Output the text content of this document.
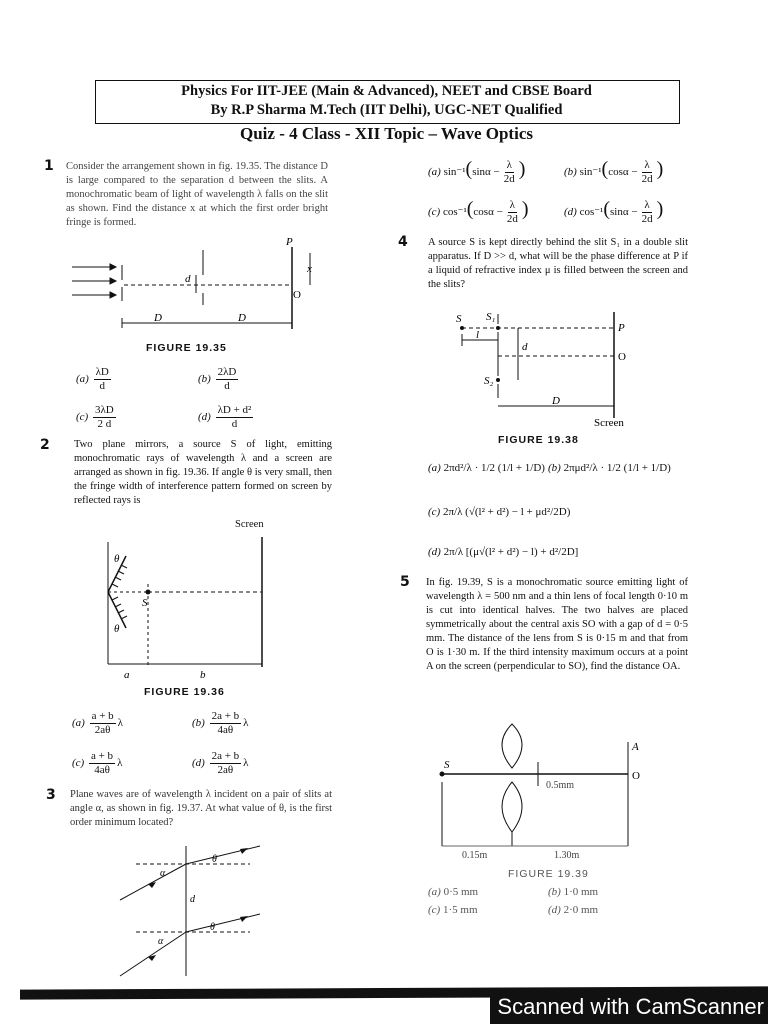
Physics For IIT-JEE (Main & Advanced), NEET and CBSE Board
By R.P Sharma M.Tech (IIT Delhi), UGC-NET Qualified
Quiz - 4 Class - XII Topic – Wave Optics
1 Consider the arrangement shown in fig. 19.35. The distance D is large compared to the separation d between the slits. A monochromatic beam of light of wavelength λ falls on the slit as shown. Find the distance x at which the first order bright fringe is formed.
P
O
d
x
D	D
FIGURE 19.35
$(a) \frac{\lambda D}{d}$	$(b) \frac{2\lambda D}{d}$
$(c) \frac{3\lambda D}{2 d}$	$(d) \frac{\text{λD + d²}}{d}$
2 Two plane mirrors, a source S of light, emitting monochromatic rays of wavelength λ and a screen are arranged as shown in fig. 19.36. If angle θ is very small, then the fringe width of interference pattern formed on screen by reflected rays is
Screen
S
θ
θ
a	b
FIGURE 19.36
$(a) \frac{a + b}{2a\theta}$ λ	$(b) \frac{2a + b}{4a\theta}$ λ
$(c) \frac{a + b}{4a\theta}$ λ	$(d) \frac{2a + b}{2a\theta}$ λ
3 Plane waves are of wavelength λ incident on a pair of slits at angle α, as shown in fig. 19.37. At what value of θ, is the first order minimum located?
α
θ
d
α
θ
(a) $\sin^{-1}(\sin\alpha - \frac{\lambda}{2d}$ )	(b) $\sin^{-1}(\cos\alpha - \frac{\lambda}{2d}$ )
(c) $\cos^{-1}(\cos\alpha - \frac{\lambda}{2d}$ )	(d) $\cos^{-1}(\sin\alpha - \frac{\lambda}{2d}$ )
4 A source S is kept directly behind the slit S₁ in a double slit apparatus. If D >> d, what will be the phase difference at P if a liquid of refractive index μ is filled between the screen and the slits?
S S₁
S₂
l
d
D
P
O
Screen
FIGURE 19.38
(a) 2πd²/λ · 1/2 (1/l + 1/D) (b) 2πμd²/λ · 1/2 (1/l + 1/D)
(c) 2π/λ (√(l² + d²) − l + μd²/2D)
(d) 2π/λ [(μ√(l² + d²) − l) + d²/2D]
5 In fig. 19.39, S is a monochromatic source emitting light of wavelength λ = 500 nm and a thin lens of focal length 0·10 m is cut into identical halves. The two halves are placed symmetrically about the central axis SO with a gap of d = 0·5 mm. The distance of the lens from S is 0·15 m and that from O is 1·30 m. If the third intensity maximum occurs at a point A on the screen (perpendicular to SO), find the distance OA.
S
A
O
0.5mm
0.15m	1.30m
FIGURE 19.39
(a) 0·5 mm	(b) 1·0 mm
(c) 1·5 mm	(d) 2·0 mm
Scanned with CamScanner
